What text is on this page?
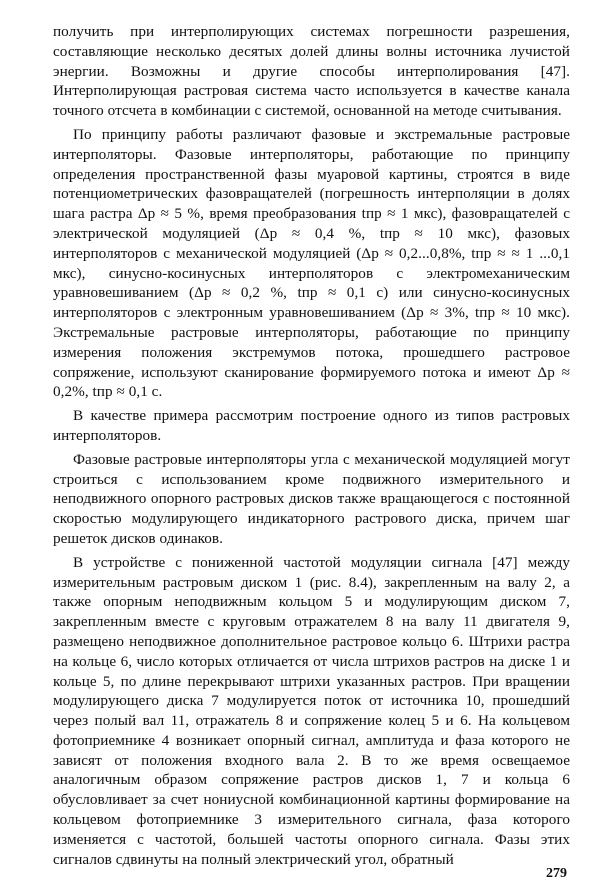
получить при интерполирующих системах погрешности разрешения, составляющие несколько десятых долей длины волны источника лучистой энергии. Возможны и другие способы интерполирования [47]. Интерполирующая растровая система часто используется в качестве канала точного отсчета в комбинации с системой, основанной на методе считывания.

По принципу работы различают фазовые и экстремальные растровые интерполяторы. Фазовые интерполяторы, работающие по принципу определения пространственной фазы муаровой картины, строятся в виде потенциометрических фазовращателей (погрешность интерполяции в долях шага растра Δр ≈ 5 %, время преобразования tпр ≈ 1 мкс), фазовращателей с электрической модуляцией (Δр ≈ 0,4 %, tпр ≈ 10 мкс), фазовых интерполяторов с механической модуляцией (Δр ≈ 0,2...0,8%, tпр ≈ ≈ 1 ...0,1 мкс), синусно-косинусных интерполяторов с электромеханическим уравновешиванием (Δр ≈ 0,2 %, tпр ≈ 0,1 с) или синусно-косинусных интерполяторов с электронным уравновешиванием (Δр ≈ 3%, tпр ≈ 10 мкс). Экстремальные растровые интерполяторы, работающие по принципу измерения положения экстремумов потока, прошедшего растровое сопряжение, используют сканирование формируемого потока и имеют Δр ≈ 0,2%, tпр ≈ 0,1 с.

В качестве примера рассмотрим построение одного из типов растровых интерполяторов.

Фазовые растровые интерполяторы угла с механической модуляцией могут строиться с использованием кроме подвижного измерительного и неподвижного опорного растровых дисков также вращающегося с постоянной скоростью модулирующего индикаторного растрового диска, причем шаг решеток дисков одинаков.

В устройстве с пониженной частотой модуляции сигнала [47] между измерительным растровым диском 1 (рис. 8.4), закрепленным на валу 2, а также опорным неподвижным кольцом 5 и модулирующим диском 7, закрепленным вместе с круговым отражателем 8 на валу 11 двигателя 9, размещено неподвижное дополнительное растровое кольцо 6. Штрихи растра на кольце 6, число которых отличается от числа штрихов растров на диске 1 и кольце 5, по длине перекрывают штрихи указанных растров. При вращении модулирующего диска 7 модулируется поток от источника 10, прошедший через полый вал 11, отражатель 8 и сопряжение колец 5 и 6. На кольцевом фотоприемнике 4 возникает опорный сигнал, амплитуда и фаза которого не зависят от положения входного вала 2. В то же время освещаемое аналогичным образом сопряжение растров дисков 1, 7 и кольца 6 обусловливает за счет нониусной комбинационной картины формирование на кольцевом фотоприемнике 3 измерительного сигнала, фаза которого изменяется с частотой, большей частоты опорного сигнала. Фазы этих сигналов сдвинуты на полный электрический угол, обратный

279
